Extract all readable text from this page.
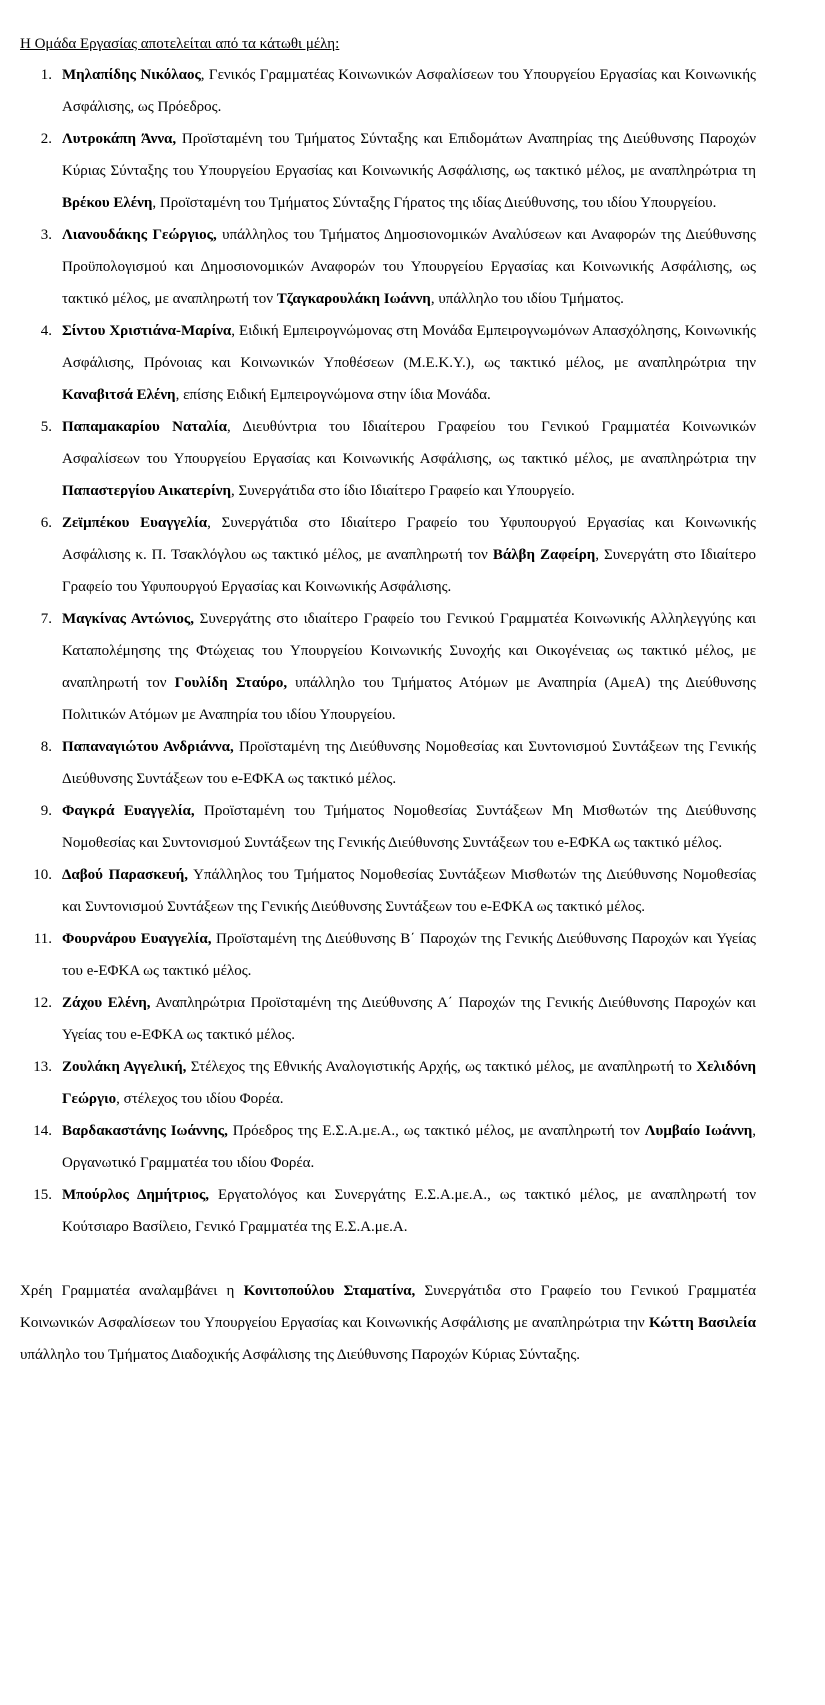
Η Ομάδα Εργασίας αποτελείται από τα κάτωθι μέλη:
1. Μηλαπίδης Νικόλαος, Γενικός Γραμματέας Κοινωνικών Ασφαλίσεων του Υπουργείου Εργασίας και Κοινωνικής Ασφάλισης, ως Πρόεδρος.
2. Λυτροκάπη Άννα, Προϊσταμένη του Τμήματος Σύνταξης και Επιδομάτων Αναπηρίας της Διεύθυνσης Παροχών Κύριας Σύνταξης του Υπουργείου Εργασίας και Κοινωνικής Ασφάλισης, ως τακτικό μέλος, με αναπληρώτρια τη Βρέκου Ελένη, Προϊσταμένη του Τμήματος Σύνταξης Γήρατος της ιδίας Διεύθυνσης, του ιδίου Υπουργείου.
3. Λιανουδάκης Γεώργιος, υπάλληλος του Τμήματος Δημοσιονομικών Αναλύσεων και Αναφορών της Διεύθυνσης Προϋπολογισμού και Δημοσιονομικών Αναφορών του Υπουργείου Εργασίας και Κοινωνικής Ασφάλισης, ως τακτικό μέλος, με αναπληρωτή τον Τζαγκαρουλάκη Ιωάννη, υπάλληλο του ιδίου Τμήματος.
4. Σίντου Χριστιάνα-Μαρίνα, Ειδική Εμπειρογνώμονας στη Μονάδα Εμπειρογνωμόνων Απασχόλησης, Κοινωνικής Ασφάλισης, Πρόνοιας και Κοινωνικών Υποθέσεων (Μ.Ε.Κ.Υ.), ως τακτικό μέλος, με αναπληρώτρια την Καναβιτσά Ελένη, επίσης Ειδική Εμπειρογνώμονα στην ίδια Μονάδα.
5. Παπαμακαρίου Ναταλία, Διευθύντρια του Ιδιαίτερου Γραφείου του Γενικού Γραμματέα Κοινωνικών Ασφαλίσεων του Υπουργείου Εργασίας και Κοινωνικής Ασφάλισης, ως τακτικό μέλος, με αναπληρώτρια την Παπαστεργίου Αικατερίνη, Συνεργάτιδα στο ίδιο Ιδιαίτερο Γραφείο και Υπουργείο.
6. Ζεϊμπέκου Ευαγγελία, Συνεργάτιδα στο Ιδιαίτερο Γραφείο του Υφυπουργού Εργασίας και Κοινωνικής Ασφάλισης κ. Π. Τσακλόγλου ως τακτικό μέλος, με αναπληρωτή τον Βάλβη Ζαφείρη, Συνεργάτη στο Ιδιαίτερο Γραφείο του Υφυπουργού Εργασίας και Κοινωνικής Ασφάλισης.
7. Μαγκίνας Αντώνιος, Συνεργάτης στο ιδιαίτερο Γραφείο του Γενικού Γραμματέα Κοινωνικής Αλληλεγγύης και Καταπολέμησης της Φτώχειας του Υπουργείου Κοινωνικής Συνοχής και Οικογένειας ως τακτικό μέλος, με αναπληρωτή τον Γουλίδη Σταύρο, υπάλληλο του Τμήματος Ατόμων με Αναπηρία (ΑμεΑ) της Διεύθυνσης Πολιτικών Ατόμων με Αναπηρία του ιδίου Υπουργείου.
8. Παπαναγιώτου Ανδριάννα, Προϊσταμένη της Διεύθυνσης Νομοθεσίας και Συντονισμού Συντάξεων της Γενικής Διεύθυνσης Συντάξεων του e-ΕΦΚΑ ως τακτικό μέλος.
9. Φαγκρά Ευαγγελία, Προϊσταμένη του Τμήματος Νομοθεσίας Συντάξεων Μη Μισθωτών της Διεύθυνσης Νομοθεσίας και Συντονισμού Συντάξεων της Γενικής Διεύθυνσης Συντάξεων του e-ΕΦΚΑ ως τακτικό μέλος.
10. Δαβού Παρασκευή, Υπάλληλος του Τμήματος Νομοθεσίας Συντάξεων Μισθωτών της Διεύθυνσης Νομοθεσίας και Συντονισμού Συντάξεων της Γενικής Διεύθυνσης Συντάξεων του e-ΕΦΚΑ ως τακτικό μέλος.
11. Φουρνάρου Ευαγγελία, Προϊσταμένη της Διεύθυνσης Β΄ Παροχών της Γενικής Διεύθυνσης Παροχών και Υγείας του e-ΕΦΚΑ ως τακτικό μέλος.
12. Ζάχου Ελένη, Αναπληρώτρια Προϊσταμένη της Διεύθυνσης Α΄ Παροχών της Γενικής Διεύθυνσης Παροχών και Υγείας του e-ΕΦΚΑ ως τακτικό μέλος.
13. Ζουλάκη Αγγελική, Στέλεχος της Εθνικής Αναλογιστικής Αρχής, ως τακτικό μέλος, με αναπληρωτή το Χελιδόνη Γεώργιο, στέλεχος του ιδίου Φορέα.
14. Βαρδακαστάνης Ιωάννης, Πρόεδρος της Ε.Σ.Α.με.Α., ως τακτικό μέλος, με αναπληρωτή τον Λυμβαίο Ιωάννη, Οργανωτικό Γραμματέα του ιδίου Φορέα.
15. Μπούρλος Δημήτριος, Εργατολόγος και Συνεργάτης Ε.Σ.Α.με.Α., ως τακτικό μέλος, με αναπληρωτή τον Κούτσιαρο Βασίλειο, Γενικό Γραμματέα της Ε.Σ.Α.με.Α.
Χρέη Γραμματέα αναλαμβάνει η Κονιτοπούλου Σταματίνα, Συνεργάτιδα στο Γραφείο του Γενικού Γραμματέα Κοινωνικών Ασφαλίσεων του Υπουργείου Εργασίας και Κοινωνικής Ασφάλισης με αναπληρώτρια την Κώττη Βασιλεία υπάλληλο του Τμήματος Διαδοχικής Ασφάλισης της Διεύθυνσης Παροχών Κύριας Σύνταξης.
